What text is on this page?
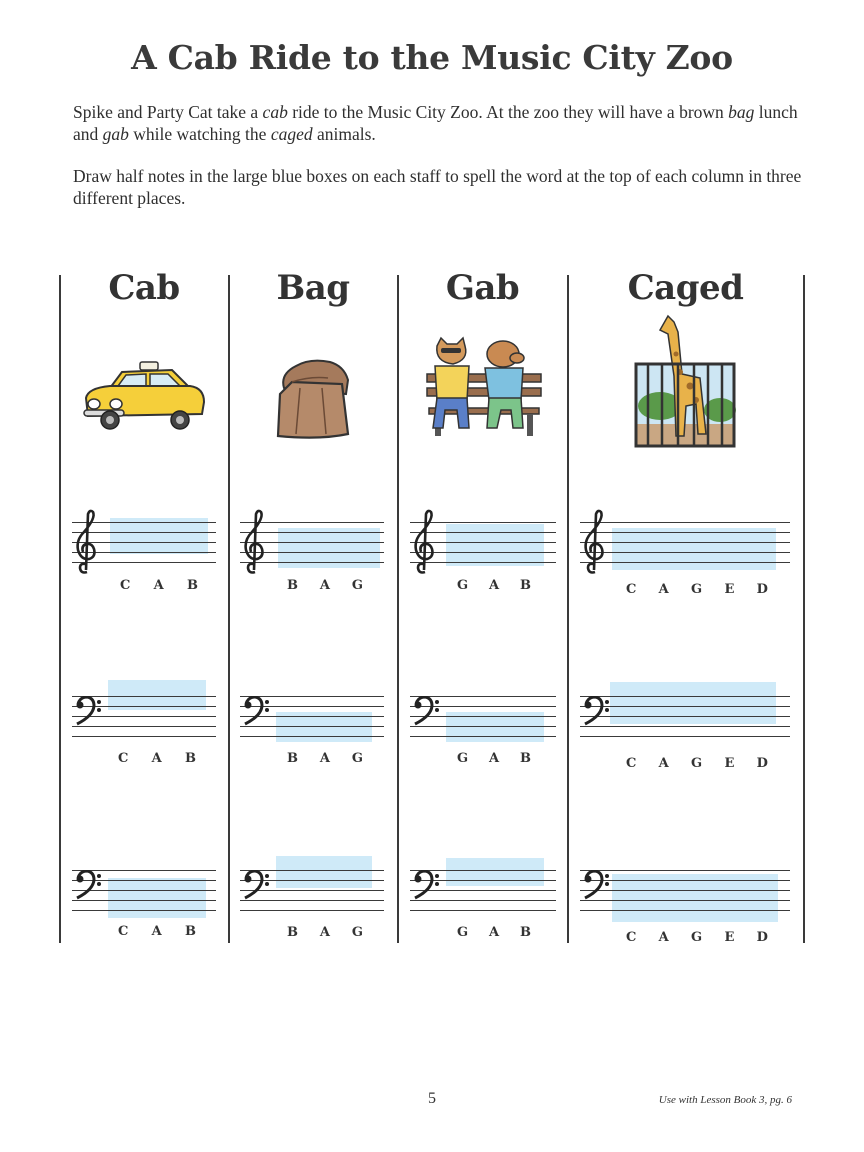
A Cab Ride to the Music City Zoo
Spike and Party Cat take a cab ride to the Music City Zoo. At the zoo they will have a brown bag lunch and gab while watching the caged animals.
Draw half notes in the large blue boxes on each staff to spell the word at the top of each column in three different places.
Cab	Bag	Gab	Caged
C A B	B A G	G A B	C A G E D
C A B	B A G	G A B	C A G E D
C A B	B A G	G A B	C A G E D
5	Use with Lesson Book 3, pg. 6
